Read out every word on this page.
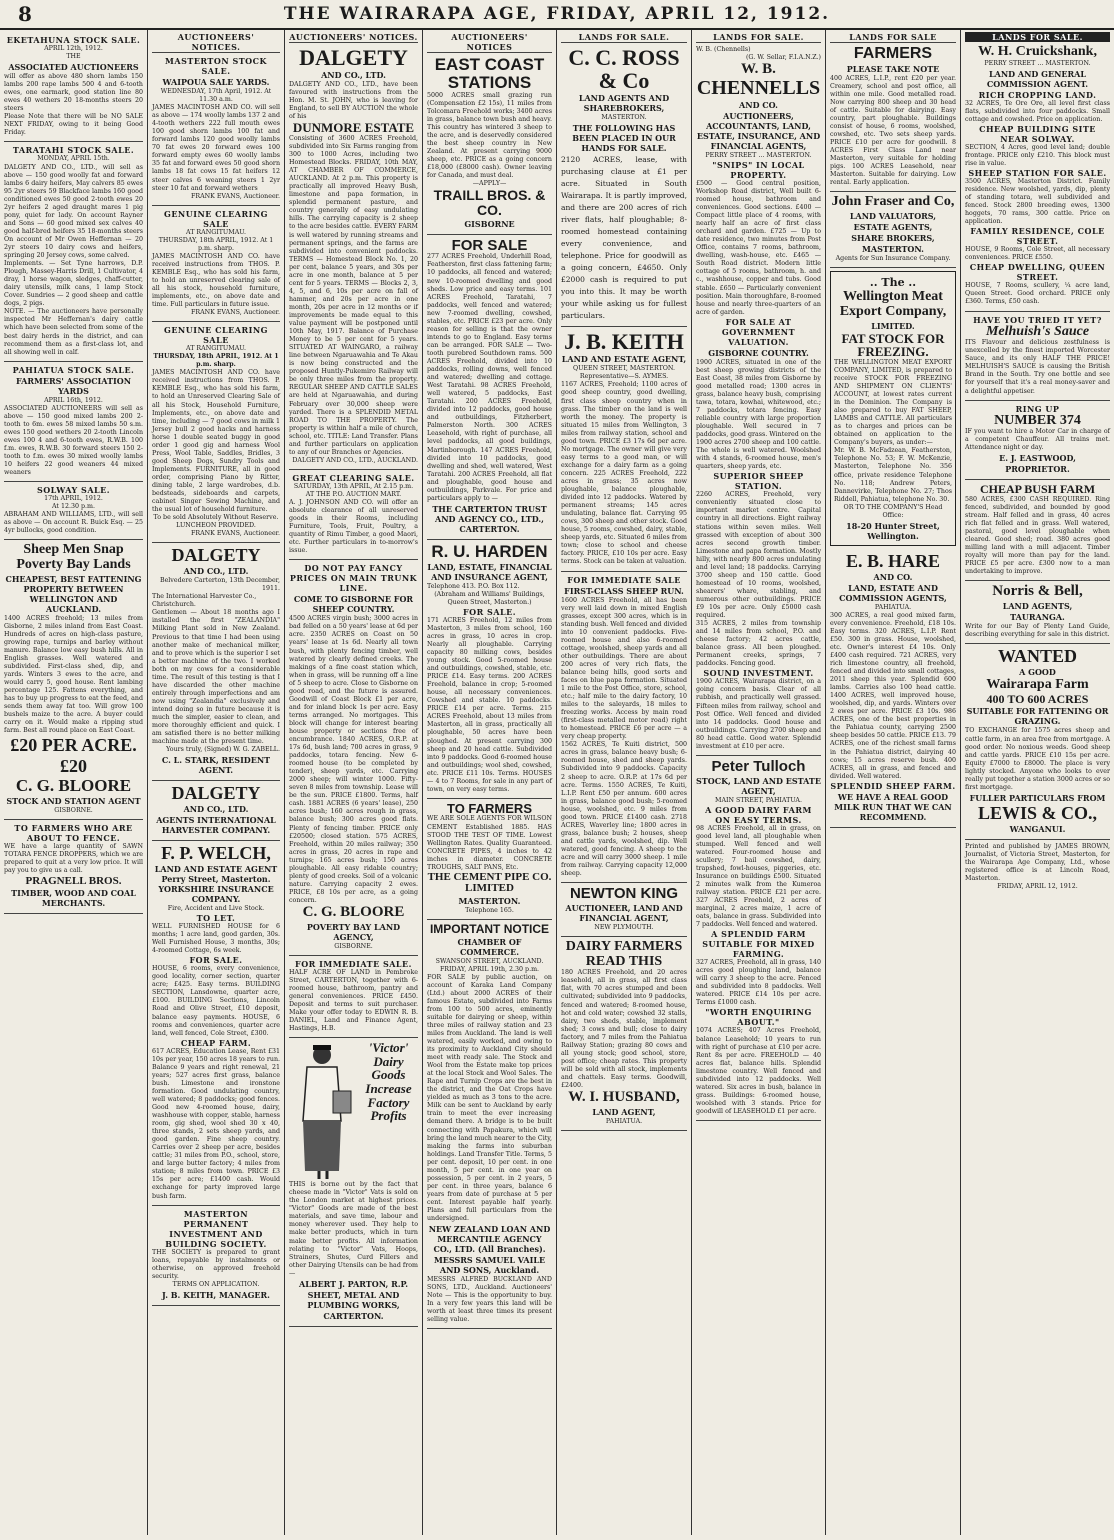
8	THE WAIRARAPA AGE, FRIDAY, APRIL 12, 1912.
EKETAHUNA STOCK SALE.
APRIL 12th, 1912.
THE
ASSOCIATED AUCTIONEERS
will offer as above 480 shorn lambs 150 lambs 200 rape lambs 500 4 and 6-tooth ewes, one earmark, good station line 80 ewes 40 wethers 20 18-months steers 20 steers
Please Note that there will be NO SALE NEXT FRIDAY, owing to it being Good Friday.
TARATAHI STOCK SALE.
MONDAY, APRIL 15th.
DALGETY AND CO., LTD., will sell as above — 150 good woolly fat and forward lambs 6 dairy heifers, May calvers 85 ewes 95 2yr steers 59 Blackface lambs 160 good conditioned ewes 50 good 2-tooth ewes 20 2yr heifers 2 aged draught mares 1 pig pony, quiet for lady. On account Rayner and Sons — 60 good mixed sex calves 40 good half-bred heifers 35 18-months steers On account of Mr Owen Heffernan — 20 2yr steers 10 dairy cows and heifers, springing 20 Jersey cows, some calved.
Implements. — Set Tyne harrows, D.P. Plough, Massey-Harris Drill, 1 Cultivator, 4 dray, 1 horse wagon, sledges, chaff-cutter, dairy utensils, milk cans, 1 lamp Stock Cover. Sundries — 2 good sheep and cattle dogs, 2 pigs.
NOTE. — The auctioneers have personally inspected Mr Heffernan's dairy cattle which have been selected from some of the best dairy herds in the district, and can recommend them as a first-class lot, and all showing well in calf.
PAHIATUA STOCK SALE.
FARMERS' ASSOCIATION YARDS
APRIL 16th, 1912.
ASSOCIATED AUCTIONEERS will sell as above — 150 good mixed lambs 200 2-tooth to 6m. ewes 58 mixed lambs 50 s.m. ewes 150 good wethers 20 2-tooth Lincoln ewes 100 4 and 6-tooth ewes, R.W.B. 100 f.m. ewes, R.W.B. 30 forward steers 150 2-tooth to f.m. ewes 30 mixed woolly lambs 10 heifers 22 good weaners 44 mixed weaners
SOLWAY SALE.
17th APRIL, 1912.
At 12.30 p.m.
ABRAHAM AND WILLIAMS, LTD., will sell as above — On account R. Buick Esq. — 25 4yr bullocks, good condition.
Sheep Men Snap
Poverty Bay Lands
CHEAPEST, BEST FATTENING PROPERTY BETWEEN WELLINGTON AND AUCKLAND.
1400 ACRES freehold; 13 miles from Gisborne, 2 miles inland from East Coast. Hundreds of acres on high-class pasture, growing rape, turnips and barley without manure. Balance low easy bush hills. All in English grasses. Well watered and subdivided. First-class shed, dip, and yards. Winters 3 ewes to the acre, and would carry 5, good house. Rent lambing percentage 125. Fattens everything, and has to buy up progress to eat the feed, and sends them away fat too. Will grow 100 bushels maize to the acre. A buyer could carry on it. Would make a ripping stud farm. Best all round place on East Coast.
£20 PER ACRE. £20
C. G. BLOORE
STOCK AND STATION AGENT
GISBORNE.
TO FARMERS WHO ARE ABOUT TO FENCE.
WE have a large quantity of SAWN TOTARA FENCE DROPPERS, which we are prepared to quit at a very low price. It will pay you to give us a call.
PRAGNELL BROS.
TIMBER, WOOD AND COAL MERCHANTS.
AUCTIONEERS' NOTICES.
MASTERTON STOCK SALE.
WAIPOUA SALE YARDS.
WEDNESDAY, 17th April, 1912. At 11.30 a.m.
JAMES MACINTOSH AND CO. will sell as above — 174 woolly lambs 137 2 and 4-tooth wethers 222 full mouth ewes 100 good shorn lambs 100 fat and forward lambs 120 good woolly lambs 70 fat ewes 20 forward ewes 100 forward empty ewes 60 woolly lambs 35 fat and forward ewes 50 good shorn lambs 18 fat cows 15 fat heifers 12 steer calves 6 weaning steers 1 2yr steer 10 fat and forward wethers
FRANK EVANS, Auctioneer.
GENUINE CLEARING SALE
AT RANGITUMAU.
THURSDAY, 18th APRIL, 1912. At 1 p.m. sharp.
JAMES MACINTOSH AND CO. have received instructions from THOS. P. KEMBLE Esq., who has sold his farm, to hold an unreserved clearing sale of all his stock, household furniture, implements, etc., on above date and time. Full particulars in future issue.
FRANK EVANS, Auctioneer.
GENUINE CLEARING SALE
AT RANGITUMAU.
THURSDAY, 18th APRIL, 1912. At 1 p.m. sharp.
JAMES MACINTOSH AND CO. have received instructions from THOS. P. KEMBLE Esq., who has sold his farm, to hold an Unreserved Clearing Sale of all his Stock, Household Furniture, Implements, etc., on above date and time, including — 7 good cows in milk 1 Jersey bull 2 good hacks and harness horse 1 double seated buggy in good order 1 good gig and harness Wool Press, Wool Table, Saddles, Bridles, 3 good Sheep Dogs, Sundry Tools and Implements. FURNITURE, all in good order, comprising Piano by Ritter, dining table, 2 large wardrobes, d.b. bedsteads, sideboards and carpets, cabinet Singer Sewing Machine, and the usual lot of household furniture.
To be sold Absolutely Without Reserve.
LUNCHEON PROVIDED.
FRANK EVANS, Auctioneer.
DALGETY
AND CO., LTD.
Belvedere Carterton, 13th December, 1911.
The International Harvester Co., Christchurch.
Gentlemen — About 18 months ago I installed the first "ZEALANDIA" Milking Plant sold in New Zealand. Previous to that time I had been using another make of mechanical milker, and to prove which is the superior I set a better machine of the two. I worked both on my cows for a considerable time. The result of this testing is that I have discarded the other machine entirely through imperfections and am now using "Zealandia" exclusively and intend doing so in future because it is much the simpler, easier to clean, and more thoroughly efficient and quick. I am satisfied there is no better milking machine made at the present time.
Yours truly, (Signed) W. G. ZABELL.
C. L. STARK, RESIDENT AGENT.
DALGETY
AND CO., LTD.
AGENTS INTERNATIONAL HARVESTER COMPANY.
F. P. WELCH,
LAND AND ESTATE AGENT Perry Street, Masterton. YORKSHIRE INSURANCE COMPANY.
Fire, Accident and Live Stock.
TO LET.
WELL FURNISHED HOUSE for 6 months; 1 acre land, good garden, 30s. Well Furnished House, 3 months, 30s; 4-roomed Cottage, 6s week.
FOR SALE.
HOUSE, 6 rooms, every convenience, good locality, corner section, quarter acre; £425. Easy terms. BUILDING SECTION, Lansdowne, quarter acre, £100. BUILDING Sections, Lincoln Road and Olive Street, £10 deposit, balance easy payments. HOUSE, 6 rooms and conveniences, quarter acre land, well fenced, Cole Street, £300.
CHEAP FARM.
617 ACRES, Education Lease, Rent £31 10s per year, 150 acres 18 years to run. Balance 9 years and right renewal, 21 years; 527 acres first grass, balance bush. Limestone and ironstone formation. Good undulating country, well watered; 8 paddocks; good fences. Good new 4-roomed house, dairy, washhouse with copper, stable, harness room, gig shed, wool shed 30 x 40, three stands, 2 sets sheep yards, and good garden. Fine sheep country. Carries over 2 sheep per acre, besides cattle; 31 miles from P.O., school, store, and large butter factory; 4 miles from station; 8 miles from town. PRICE £3 15s per acre; £1400 cash. Would exchange for party improved large bush farm.
MASTERTON PERMANENT INVESTMENT AND BUILDING SOCIETY.
THE SOCIETY is prepared to grant loans, repayable by instalments or otherwise, on approved freehold security.
TERMS ON APPLICATION.
J. B. KEITH, MANAGER.
AUCTIONEERS' NOTICES.
DALGETY
AND CO., LTD.
DALGETY AND CO., LTD., have been favoured with instructions from the Hon. M. St. JOHN, who is leaving for England, to sell BY AUCTION the whole of his
DUNMORE ESTATE
Consisting of 3600 ACRES Freehold, subdivided into Six Farms ranging from 300 to 1000 Acres, including two Homestead Blocks. FRIDAY, 10th MAY, AT CHAMBER OF COMMERCE, AUCKLAND. At 2 p.m. This property is practically all improved Heavy Bush, limestone and papa formation, in splendid permanent pasture, and country generally of easy undulating hills. The carrying capacity is 2 sheep to the acre besides cattle. EVERY FARM is well watered by running streams and permanent springs, and the farms are subdivided into convenient paddocks. TERMS — Homestead Block No. 1, 20 per cent, balance 5 years, and 30s per acre in one month, balance at 5 per cent for 5 years. TERMS — Blocks 2, 3, 4, 5, and 6, 10s per acre on fall of hammer, and 20s per acre in one month, 20s per acre in 12 months or if improvements be made equal to this value payment will be postponed until 10th May, 1917. Balance of Purchase Money to be 5 per cent for 5 years. SITUATED AT WAINGARO, a railway line between Ngaruawahia and Te Akau is now being constructed and the proposed Huntly-Pukemiro Railway will be only three miles from the property. REGULAR SHEEP AND CATTLE SALES are held at Ngaruawahia, and during February over 30,000 sheep were yarded. There is a SPLENDID METAL ROAD TO THE PROPERTY. The property is within half a mile of church, school, etc. TITLE: Land Transfer. Plans and further particulars on application to any of our Branches or Agencies.
DALGETY AND CO., LTD., AUCKLAND.
GREAT CLEARING SALE.
SATURDAY, 13th APRIL, At 2.15 p.m.
AT THE P.O. AUCTION MART.
A. J. JOHNSON AND CO. will offer an absolute clearance of all unreserved goods in their Rooms, including Furniture, Tools, Fruit, Poultry, a quantity of Rimu Timber, a good Maori, etc. Further particulars in to-morrow's issue.
DO NOT PAY FANCY PRICES ON MAIN TRUNK LINE.
COME TO GISBORNE FOR SHEEP COUNTRY.
4500 ACRES virgin bush; 3000 acres in bad felled on a 50 years' lease at 6d per acre. 2350 ACRES on Coast on 50 years' lease at 1s 6d. Nearly all town bush, with plenty fencing timber, well watered by clearly defined creeks. The makings of a fine coast station which, when in grass, will be running off a line of 5 sheep to acre. Close to Gisborne on good road, and the future is assured. Goodwill of Coast Block £1 per acre, and for inland block 1s per acre. Easy terms arranged. No mortgages. This block will change for interest bearing house property or sections free of encumbrance. 1840 ACRES, O.R.P. at 17s 6d, bush land; 700 acres in grass, 9 paddocks, totara fencing. New 6-roomed house (to be completed by tender), sheep yards, etc. Carrying 2000 sheep; will winter 1000. Fifty-seven 8 miles from township. Lease will be the sun. PRICE £1800. Terms, half cash. 1881 ACRES (6 years' lease), 250 acres bush; 160 acres rough in grass, balance bush; 300 acres good flats. Plenty of fencing timber. PRICE only £20500; closed station. 575 ACRES, Freehold, within 20 miles railway; 350 acres in grass, 20 acres in rape and turnips; 165 acres bush; 150 acres ploughable. All easy ridable country; plenty of good creeks. Soil of a volcanic nature. Carrying capacity 2 ewes. PRICE, £8 10s per acre, as a going concern.
C. G. BLOORE
POVERTY BAY LAND AGENCY,
GISBORNE.
FOR IMMEDIATE SALE.
HALF ACRE OF LAND in Pembroke Street, CARTERTON, together with 6-roomed house, bathroom, pantry and general conveniences. PRICE £450. Deposit and terms to suit purchaser. Make your offer today to EDWIN R. B. DANIEL, Land and Finance Agent, Hastings, H.B.
'Victor' Dairy Goods Increase Factory Profits
THIS is borne out by the fact that cheese made in "Victor" Vats is sold on the London market at highest prices. "Victor" Goods are made of the best materials, and save time, labour and money wherever used. They help to make better products, which in turn make better profits. All information relating to "Victor" Vats, Hoops, Strainers, Shutes, Curd Fillers and other Dairying Utensils can be had from —
ALBERT J. PARTON, R.P.
SHEET, METAL AND PLUMBING WORKS,
CARTERTON.
AUCTIONEERS' NOTICES
EAST COAST STATIONS
5000 ACRES small grazing run (Compensation £2 15s), 11 miles from Tolcomara Freehold works; 3400 acres in grass, balance town bush and heavy. This country has wintered 3 sheep to the acre, and is deservedly considered the best sheep country in New Zealand. At present carrying 9000 sheep, etc. PRICE as a going concern £18,000 (£8000 cash). Owner leaving for Canada, and must deal.
—APPLY—
TRAILL BROS. & CO.
GISBORNE
FOR SALE
277 ACRES Freehold, Underhill Road, Featherston, first class fattening farm; 10 paddocks, all fenced and watered; new 10-roomed dwelling and good sheds. Low price and easy terms. 101 ACRES Freehold, Taratahi, 7 paddocks, well fenced and watered; new 7-roomed dwelling, cowshed, stables, etc. PRICE £23 per acre. Only reason for selling is that the owner intends to go to England. Easy terms can be arranged. FOR SALE — Two-tooth purebred Southdown rams. 500 ACRES Freehold, divided into 10 paddocks, rolling downs, well fenced and watered; dwelling and cottage. West Taratahi. 98 ACRES Freehold, well watered, 5 paddocks, East Taratahi. 200 ACRES Freehold, divided into 12 paddocks, good house and outbuildings, Fitzherbert, Palmerston North. 300 ACRES Leasehold, with right of purchase, all level paddocks, all good buildings, Martinborough. 147 ACRES Freehold, divided into 10 paddocks, good dwelling and shed, well watered, West Taratahi. 200 ACRES Freehold, all flat and ploughable, good house and outbuildings, Parkvale. For price and particulars apply to —
THE CARTERTON TRUST AND AGENCY CO., LTD., CARTERTON.
R. U. HARDEN
LAND, ESTATE, FINANCIAL AND INSURANCE AGENT,
Telephone 413. P.O. Box 112.
(Abraham and Williams' Buildings, Queen Street, Masterton.)
FOR SALE.
171 ACRES Freehold, 12 miles from Masterton, 3 miles from school, 160 acres in grass, 10 acres in crop. Nearly all ploughable. Carrying capacity 80 milking cows, besides young stock. Good 5-roomed house and outbuildings, cowshed, stable, etc. PRICE £14. Easy terms. 200 ACRES Freehold, balance in crop; 5-roomed house, all necessary conveniences. Cowshed and stable. 10 paddocks. PRICE £14 per acre. Terms. 215 ACRES Freehold, about 13 miles from Masterton, all in grass, practically all ploughable, 50 acres have been ploughed. At present carrying 300 sheep and 20 head cattle. Subdivided into 9 paddocks. Good 6-roomed house and outbuildings; wool shed, cowshed, etc. PRICE £11 10s. Terms. HOUSES — 4 to 7 Rooms, for sale in any part of town, on very easy terms.
TO FARMERS
WE ARE SOLE AGENTS FOR WILSON CEMENT Established 1885. HAS STOOD THE TEST OF TIME. Lowest Wellington Rates. Quality Guaranteed. CONCRETE PIPES, 4 inches to 42 inches in diameter. CONCRETE TROUGHS, SALT PANS, Etc.
THE CEMENT PIPE CO. LIMITED
MASTERTON.
Telephone 165.
IMPORTANT NOTICE
CHAMBER OF COMMERCE.
SWANSON STREET, AUCKLAND.
FRIDAY, APRIL 19th, 2.30 p.m.
FOR SALE by public auction, on account of Karaka Land Company (Ltd.) about 2000 ACRES of their famous Estate, subdivided into Farms from 100 to 500 acres, eminently suitable for dairying or sheep, within three miles of railway station and 23 miles from Auckland. The land is well watered, easily worked, and owing to its proximity to Auckland City should meet with ready sale. The Stock and Wool from the Estate make top prices at the local Stock and Wool Sales. The Rape and Turnip Crops are the best in the district, and the Oat Crops have yielded as much as 3 tons to the acre. Milk can be sent to Auckland by early train to meet the ever increasing demand there. A bridge is to be built connecting with Papakura, which will bring the land much nearer to the City, making the farms into suburban holdings. Land Transfer Title. Terms, 5 per cent. deposit, 10 per cent. in one month, 5 per cent. in one year on possession, 5 per cent. in 2 years, 5 per cent. in three years, balance 6 years from date of purchase at 5 per cent. Interest payable half yearly. Plans and full particulars from the undersigned.
NEW ZEALAND LOAN AND MERCANTILE AGENCY CO., LTD. (All Branches).
MESSRS SAMUEL VAILE AND SONS, Auckland.
MESSRS ALFRED BUCKLAND AND SONS, LTD., Auckland. Auctioneers' Note — This is the opportunity to buy. In a very few years this land will be worth at least three times its present selling value.
LANDS FOR SALE.
C. C. ROSS & Co
LAND AGENTS AND SHAREBROKERS,
MASTERTON.
THE FOLLOWING HAS BEEN PLACED IN OUR HANDS FOR SALE.
2120 ACRES, lease, with purchasing clause at £1 per acre. Situated in South Wairarapa. It is partly improved, and there are 200 acres of rich river flats, half ploughable; 8-roomed homestead containing every convenience, and telephone. Price for goodwill as a going concern, £4650. Only £2000 cash is required to put you into this. It may be worth your while asking us for fullest particulars.
J. B. KEITH
LAND AND ESTATE AGENT,
QUEEN STREET, MASTERTON.
Representative—S. AYMES.
1167 ACRES, Freehold; 1100 acres of good sheep country, good dwelling, first class sheep country when in grass. The timber on the land is well worth the money. The property is situated 15 miles from Wellington, 3 miles from railway station, school and good town. PRICE £3 17s 6d per acre. No mortgage. The owner will give very easy terms to a good man, or will exchange for a dairy farm as a going concern. 225 ACRES Freehold, 222 acres in grass; 35 acres now ploughable, balance ploughable, divided into 12 paddocks. Watered by permanent streams; 145 acres undulating, balance flat. Carrying 95 cows, 300 sheep and other stock. Good house, 5 rooms, cowshed, dairy, stable, sheep yards, etc. Situated 6 miles from town; close to school and cheese factory. PRICE, £10 10s per acre. Easy terms. Stock can be taken at valuation.
FOR IMMEDIATE SALE
FIRST-CLASS SHEEP RUN.
1600 ACRES Freehold, all has been very well laid down in mixed English grasses, except 300 acres, which is in standing bush. Well fenced and divided into 10 convenient paddocks. Five-roomed house and also 6-roomed cottage, woolshed, sheep yards and all other outbuildings. There are about 200 acres of very rich flats, the balance being hills, good sorts and faces on blue papa formation. Situated 1 mile to the Post Office, store, school, etc.; half mile to the dairy factory, 10 miles to the saleyards, 18 miles to freezing works. Access by main road (first-class metalled motor road) right to homestead. PRICE £6 per acre — a very cheap property.
1562 ACRES, Te Kuiti district, 500 acres in grass, balance heavy bush; 6-roomed house, shed and sheep yards. Subdivided into 9 paddocks. Capacity 2 sheep to acre. O.R.P. at 17s 6d per acre. Terms. 1550 ACRES, Te Kuiti, L.I.P. Rent £50 per annum. 600 acres in grass, balance good bush; 5-roomed house, woolshed, etc. 9 miles from good town. PRICE £1400 cash. 2718 ACRES, Waverley line; 1800 acres in grass, balance bush; 2 houses, sheep and cattle yards, woolshed, dip. Well watered, good fencing. A sheep to the acre and will carry 3000 sheep. 1 mile from railway. Carrying capacity 12,000 sheep.
NEWTON KING
AUCTIONEER, LAND AND FINANCIAL AGENT,
NEW PLYMOUTH.
DAIRY FARMERS READ THIS
180 ACRES Freehold, and 20 acres leasehold, all in grass, all first class flat, with 70 acres stumped and been cultivated; subdivided into 9 paddocks, fenced and watered; 8-roomed house, hot and cold water; cowshed 32 stalls, dairy, two sheds, stable, implement shed; 3 cows and bull; close to dairy factory, and 7 miles from the Pahiatua Railway Station; grazing 80 cows and all young stock; good school, store, post office; cheap rates. This property will be sold with all stock, implements and chattels. Easy terms. Goodwill, £2400.
W. I. HUSBAND,
LAND AGENT,
PAHIATUA.
LANDS FOR SALE.
W. B. (Chennells)
(G. W. Sellar, F.I.A.N.Z.)
W. B.
CHENNELLS
AND CO.
AUCTIONEERS, ACCOUNTANTS, LAND, ESTATE, INSURANCE, AND FINANCIAL AGENTS,
PERRY STREET ... MASTERTON.
"SNIPS" IN LOCAL PROPERTY.
£500 — Good central position, Workshop Road district, Well built 6-roomed house, bathroom and conveniences. Good sections. £400 — Compact little place of 4 rooms, with nearly half an acre of first class orchard and garden. £725 — Up to date residence, two minutes from Post Office, contains 7 rooms, bathroom, dwelling, wash-house, etc. £465 — South Road district. Modern little cottage of 5 rooms, bathroom, h. and c., washhouse, copper and tubs. Good stable. £650 — Particularly convenient position. Main thoroughfare, 8-roomed house and nearly three-quarters of an acre of garden.
FOR SALE AT GOVERNMENT VALUATION.
GISBORNE COUNTRY.
1900 ACRES, situated in one of the best sheep growing districts of the East Coast, 38 miles from Gisborne by good metalled road; 1300 acres in grass, balance heavy bush, comprising tawa, totara, kowhai, whitewood, etc.; 7 paddocks, totara fencing. Easy reliable country with large proportion ploughable. Well secured in 7 paddocks, good grass. Wintered on the 1900 acres 2700 sheep and 100 cattle. The whole is well watered. Woolshed with 4 stands, 6-roomed house, men's quarters, sheep yards, etc.
SUPERIOR SHEEP STATION.
2260 ACRES, Freehold, very conveniently situated close to important market centre. Capital country in all directions. Eight railway stations within seven miles. Well grassed with exception of about 300 acres second growth timber. Limestone and papa formation. Mostly hilly, with nearly 800 acres undulating and level land; 18 paddocks. Carrying 3700 sheep and 150 cattle. Good homestead of 10 rooms, woolshed, shearers' whare, stabling, and numerous other outbuildings. PRICE £9 10s per acre. Only £5000 cash required.
315 ACRES, 2 miles from township and 14 miles from school, P.O. and cheese factory; 42 acres cattle, balance grass. All been ploughed. Permanent creeks, springs, 7 paddocks. Fencing good.
SOUND INVESTMENT.
1900 ACRES, Wairarapa district, on a going concern basis. Clear of all rubbish, and practically well grassed. Fifteen miles from railway, school and Post Office. Well fenced and divided into 14 paddocks. Good house and outbuildings. Carrying 2700 sheep and 80 head cattle. Good water. Splendid investment at £10 per acre.
Peter Tulloch
STOCK, LAND AND ESTATE AGENT,
MAIN STREET, PAHIATUA.
A GOOD DAIRY FARM ON EASY TERMS.
98 ACRES Freehold, all in grass, on good level land, all ploughable when stumped. Well fenced and well watered. Four-roomed house and scullery; 7 bail cowshed, dairy, trapshed, fowl-houses, piggeries, etc. Insurance on buildings £500. Situated 2 minutes walk from the Kumeroa railway station. PRICE £21 per acre. 327 ACRES Freehold, 2 acres of marginal, 2 acres maize, 1 acre of oats, balance in grass. Subdivided into 7 paddocks. Well fenced and watered.
A SPLENDID FARM SUITABLE FOR MIXED FARMING.
327 ACRES, Freehold, all in grass, 140 acres good ploughing land, balance will carry 3 sheep to the acre. Fenced and subdivided into 8 paddocks. Well watered. PRICE £14 10s per acre. Terms £1000 cash.
"WORTH ENQUIRING ABOUT."
1074 ACRES; 407 Acres Freehold, balance Leasehold; 10 years to run with right of purchase at £10 per acre. Rent 8s per acre. FREEHOLD — 40 acres flat, balance hills. Splendid limestone country. Well fenced and subdivided into 12 paddocks. Well watered. Six acres in bush, balance in grass. Buildings: 6-roomed house, woolshed with 3 stands. Price for goodwill of LEASEHOLD £1 per acre.
LANDS FOR SALE
FARMERS
PLEASE TAKE NOTE
400 ACRES, L.I.P., rent £20 per year. Creamery, school and post office, all within one mile. Good metalled road. Now carrying 800 sheep and 30 head of cattle. Suitable for dairying. Easy country, part ploughable. Buildings consist of house, 6 rooms, woolshed, cowshed, etc. Two sets sheep yards. PRICE £10 per acre for goodwill. 8 ACRES First Class Land near Masterton, very suitable for holding pigs. 100 ACRES Leasehold, near Masterton. Suitable for dairying. Low rental. Early application.
John Fraser and Co,
LAND VALUATORS,
ESTATE AGENTS,
SHARE BROKERS,
MASTERTON.
Agents for Sun Insurance Company.
.. The ..
Wellington Meat Export Company,
LIMITED.
FAT STOCK FOR FREEZING.
THE WELLINGTON MEAT EXPORT COMPANY, LIMITED, is prepared to receive STOCK FOR FREEZING AND SHIPMENT ON CLIENTS' ACCOUNT, at lowest rates current in the Dominion. The Company is also prepared to buy FAT SHEEP, LAMBS and CATTLE. All particulars as to charges and prices can be obtained on application to the Company's buyers, as under:—
Mr. W. B. McFadzean, Featherston, Telephone No. 53; F. W. McKenzie, Masterton, Telephone No. 356 office, private residence Telephone No. 118; Andrew Peters, Dannevirke, Telephone No. 27; Thos Riddell, Pahiatua, telephone No. 30.
OR TO THE COMPANY'S Head Office:
18-20 Hunter Street, Wellington.
E. B. HARE
AND CO.
LAND, ESTATE AND COMMISSION AGENTS,
PAHIATUA.
300 ACRES, a real good mixed farm, every convenience. Freehold, £18 10s. Easy terms. 320 ACRES, L.I.P. Rent £50. 300 in grass. House, woolshed, etc. Owner's interest £4 10s. Only £400 cash required. 721 ACRES, very rich limestone country, all freehold, fenced and divided into small cottages, 2011 sheep this year. Splendid 600 lambs. Carries also 100 head cattle. 1400 ACRES, well improved house, woolshed, dip, and yards. Winters over 2 ewes per acre. PRICE £3 10s. 986 ACRES, one of the best properties in the Pahiatua county, carrying 2500 sheep besides 50 cattle. PRICE £13. 79 ACRES, one of the richest small farms in the Pahiatua district, dairying 40 cows; 15 acres reserve bush. 400 ACRES, all in grass, and fenced and divided. Well watered.
SPLENDID SHEEP FARM.
WE HAVE A REAL GOOD MILK RUN THAT WE CAN RECOMMEND.
LANDS FOR SALE.
W. H. Cruickshank,
PERRY STREET ... MASTERTON.
LAND AND GENERAL COMMISSION AGENT.
RICH CROPPING LAND.
32 ACRES, Te Ore Ore, all level first class flats, subdivided into four paddocks. Small cottage and cowshed. Price on application.
CHEAP BUILDING SITE NEAR SOLWAY.
SECTION, 4 Acres, good level land; double frontage. PRICE only £210. This block must rise in value.
SHEEP STATION FOR SALE.
3500 ACRES, Masterton District. Family residence. New woolshed, yards, dip, plenty of standing totara, well subdivided and fenced. Stock 2800 breeding ewes, 1300 hoggets, 70 rams, 300 cattle. Price on application.
FAMILY RESIDENCE, COLE STREET.
HOUSE, 9 Rooms, Cole Street, all necessary conveniences. PRICE £550.
CHEAP DWELLING, QUEEN STREET.
HOUSE, 7 Rooms, scullery, ¼ acre land, Queen Street. Good orchard. PRICE only £360. Terms, £50 cash.
HAVE YOU TRIED IT YET?
Melhuish's Sauce
ITS Flavour and delicious zestfulness is unexcelled by the finest imported Worcester Sauce, and its only HALF THE PRICE! MELHUISH'S SAUCE is causing the British Brand in the South. Try one bottle and see for yourself that it's a real money-saver and a delightful appetiser.
RING UP
NUMBER 374
IF you want to hire a Motor Car in charge of a competent Chauffeur. All trains met. Attendance night or day.
E. J. EASTWOOD,
PROPRIETOR.
CHEAP BUSH FARM
580 ACRES, £300 CASH REQUIRED. Ring fenced, subdivided, and bounded by good stream. Half felled and in grass, 40 acres rich flat felled and in grass. Well watered, pastoral, good level ploughable when cleared. Good shed; road. 380 acres good milling land with a mill adjacent. Timber royalty will more than pay for the land. PRICE £5 per acre. £300 now to a man undertaking to improve.
Norris & Bell,
LAND AGENTS,
TAURANGA.
Write for our Bay of Plenty Land Guide, describing everything for sale in this district.
WANTED
A GOOD
Wairarapa Farm
400 TO 600 ACRES
SUITABLE FOR FATTENING OR GRAZING.
TO EXCHANGE for 1575 acres sheep and cattle farm, in an area free from mortgage. A good order. No noxious weeds. Good sheep and cattle yards. PRICE £10 15s per acre. Equity £7000 to £8000. The place is very lightly stocked. Anyone who looks to ever really put together a station 3000 acres or so first mortgage.
FULLER PARTICULARS FROM
LEWIS & CO.,
WANGANUI.
Printed and published by JAMES BROWN, Journalist, of Victoria Street, Masterton, for the Wairarapa Age Company, Ltd., whose registered office is at Lincoln Road, Masterton.
FRIDAY, APRIL 12, 1912.
